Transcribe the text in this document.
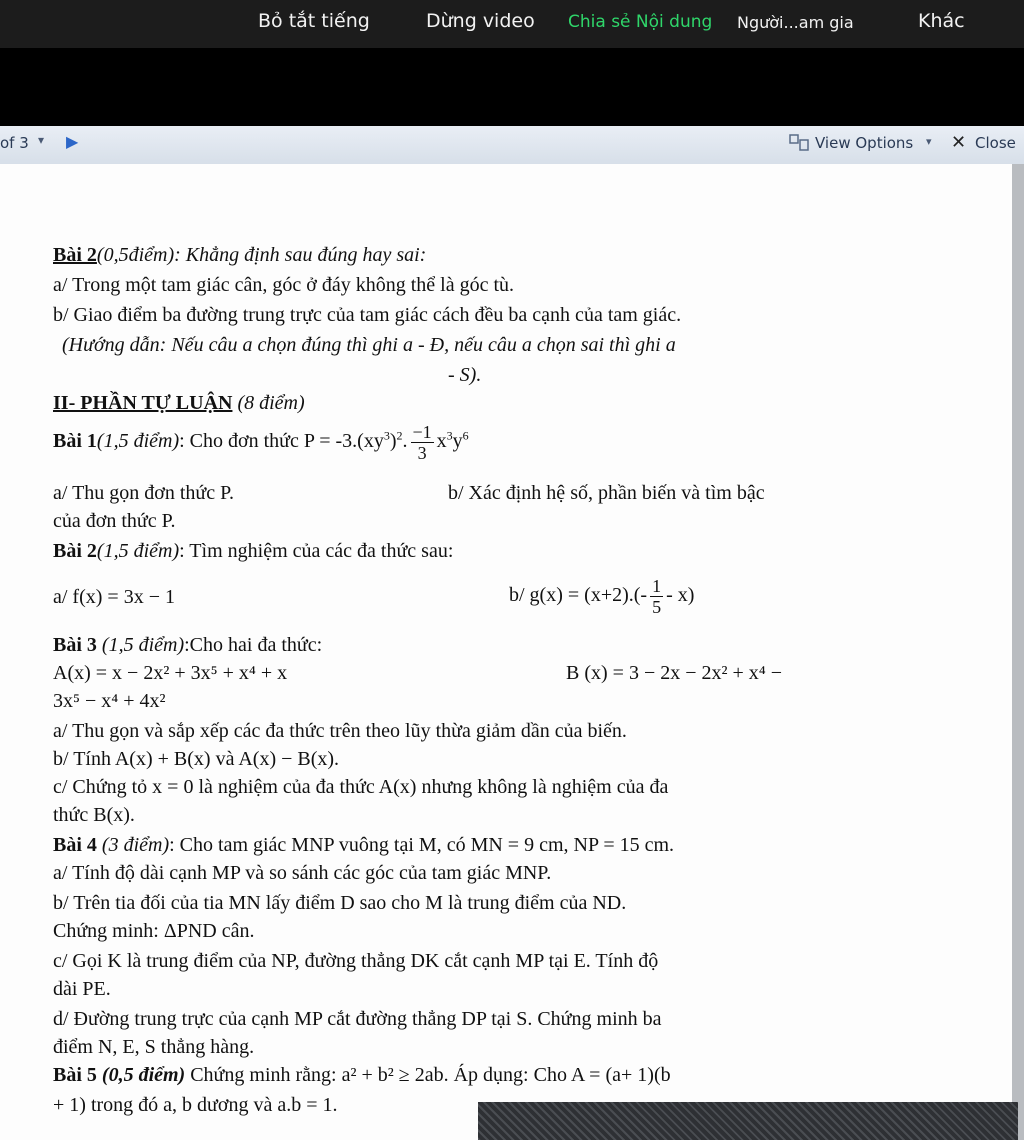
Bỏ tắt tiếng	Dừng video Chia sẻ Nội dung Người...am gia	Khác
of 3 ▾ ▶	View Options ▾ ✕ Close
Bài 2(0,5điểm): Khẳng định sau đúng hay sai:
a/ Trong một tam giác cân, góc ở đáy không thể là góc tù.
b/ Giao điểm ba đường trung trực của tam giác cách đều ba cạnh của tam giác.
(Hướng dẫn: Nếu câu a chọn đúng thì ghi a - Đ, nếu câu a chọn sai thì ghi a
- S).
II- PHẦN TỰ LUẬN (8 điểm)
Bài 1(1,5 điểm): Cho đơn thức $P = -3.(xy^3)^2$. $\frac{-1}{3} x^3y^6$
a/ Thu gọn đơn thức P.	b/ Xác định hệ số, phần biến và tìm bậc
của đơn thức P.
Bài 2(1,5 điểm): Tìm nghiệm của các đa thức sau:
a/ f(x) = 3x − 1	b/ $g(x) = (x+2).(- \frac{1}{5} - x)$
Bài 3 (1,5 điểm):Cho hai đa thức:
A(x) = x − 2x² + 3x⁵ + x⁴ + x	B (x) = 3 − 2x − 2x² + x⁴ −
3x⁵ − x⁴ + 4x²
a/ Thu gọn và sắp xếp các đa thức trên theo lũy thừa giảm dần của biến.
b/ Tính A(x) + B(x) và A(x) − B(x).
c/ Chứng tỏ x = 0 là nghiệm của đa thức A(x) nhưng không là nghiệm của đa
thức B(x).
Bài 4 (3 điểm): Cho tam giác MNP vuông tại M, có MN = 9 cm, NP = 15 cm.
a/ Tính độ dài cạnh MP và so sánh các góc của tam giác MNP.
b/ Trên tia đối của tia MN lấy điểm D sao cho M là trung điểm của ND.
Chứng minh: ΔPND cân.
c/ Gọi K là trung điểm của NP, đường thẳng DK cắt cạnh MP tại E. Tính độ
dài PE.
d/ Đường trung trực của cạnh MP cắt đường thẳng DP tại S. Chứng minh ba
điểm N, E, S thẳng hàng.
Bài 5 (0,5 điểm) Chứng minh rằng: a² + b² ≥ 2ab. Áp dụng: Cho A = (a+ 1)(b
+ 1) trong đó a, b dương và a.b = 1.
